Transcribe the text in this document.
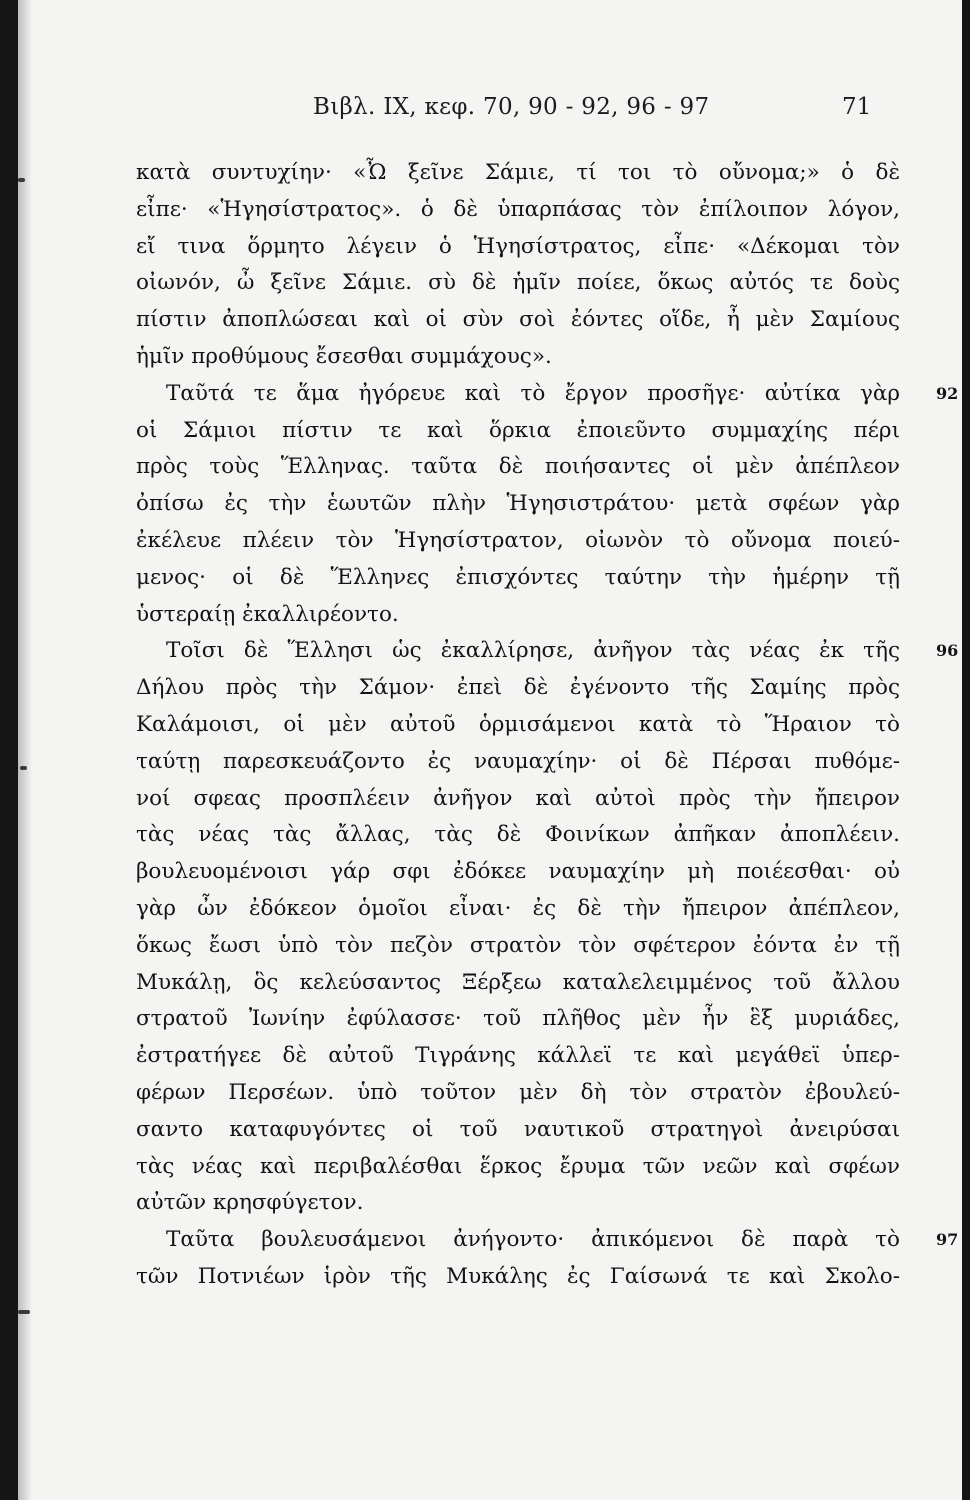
Βιβλ. ΙΧ, κεφ. 70, 90 - 92, 96 - 97	71
κατὰ συντυχίην· «Ὦ ξεῖνε Σάμιε, τί τοι τὸ οὔνομα;» ὁ δὲ
εἶπε· «Ἡγησίστρατος». ὁ δὲ ὑπαρπάσας τὸν ἐπίλοιπον λόγον,
εἴ τινα ὅρμητο λέγειν ὁ Ἡγησίστρατος, εἶπε· «Δέκομαι τὸν
οἰωνόν, ὦ ξεῖνε Σάμιε. σὺ δὲ ἡμῖν ποίεε, ὅκως αὐτός τε δοὺς
πίστιν ἀποπλώσεαι καὶ οἱ σὺν σοὶ ἐόντες οἵδε, ἦ μὲν Σαμίους
ἡμῖν προθύμους ἔσεσθαι συμμάχους».
Ταῦτά τε ἅμα ἠγόρευε καὶ τὸ ἔργον προσῆγε· αὐτίκα γὰρ 92
οἱ Σάμιοι πίστιν τε καὶ ὅρκια ἐποιεῦντο συμμαχίης πέρι
πρὸς τοὺς Ἕλληνας. ταῦτα δὲ ποιήσαντες οἱ μὲν ἀπέπλεον
ὀπίσω ἐς τὴν ἑωυτῶν πλὴν Ἡγησιστράτου· μετὰ σφέων γὰρ
ἐκέλευε πλέειν τὸν Ἡγησίστρατον, οἰωνὸν τὸ οὔνομα ποιεύ-
μενος· οἱ δὲ Ἕλληνες ἐπισχόντες ταύτην τὴν ἡμέρην τῇ
ὑστεραίῃ ἐκαλλιρέοντο.
Τοῖσι δὲ Ἕλλησι ὡς ἐκαλλίρησε, ἀνῆγον τὰς νέας ἐκ τῆς 96
Δήλου πρὸς τὴν Σάμον· ἐπεὶ δὲ ἐγένοντο τῆς Σαμίης πρὸς
Καλάμοισι, οἱ μὲν αὐτοῦ ὁρμισάμενοι κατὰ τὸ Ἥραιον τὸ
ταύτῃ παρεσκευάζοντο ἐς ναυμαχίην· οἱ δὲ Πέρσαι πυθόμε-
νοί σφεας προσπλέειν ἀνῆγον καὶ αὐτοὶ πρὸς τὴν ἤπειρον
τὰς νέας τὰς ἄλλας, τὰς δὲ Φοινίκων ἀπῆκαν ἀποπλέειν.
βουλευομένοισι γάρ σφι ἐδόκεε ναυμαχίην μὴ ποιέεσθαι· οὐ
γὰρ ὦν ἐδόκεον ὁμοῖοι εἶναι· ἐς δὲ τὴν ἤπειρον ἀπέπλεον,
ὅκως ἔωσι ὑπὸ τὸν πεζὸν στρατὸν τὸν σφέτερον ἐόντα ἐν τῇ
Μυκάλῃ, ὃς κελεύσαντος Ξέρξεω καταλελειμμένος τοῦ ἄλλου
στρατοῦ Ἰωνίην ἐφύλασσε· τοῦ πλῆθος μὲν ἦν ἓξ μυριάδες,
ἐστρατήγεε δὲ αὐτοῦ Τιγράνης κάλλεϊ τε καὶ μεγάθεϊ ὑπερ-
φέρων Περσέων. ὑπὸ τοῦτον μὲν δὴ τὸν στρατὸν ἐβουλεύ-
σαντο καταφυγόντες οἱ τοῦ ναυτικοῦ στρατηγοὶ ἀνειρύσαι
τὰς νέας καὶ περιβαλέσθαι ἕρκος ἔρυμα τῶν νεῶν καὶ σφέων
αὐτῶν κρησφύγετον.
Ταῦτα βουλευσάμενοι ἀνήγοντο· ἀπικόμενοι δὲ παρὰ τὸ 97
τῶν Ποτνιέων ἱρὸν τῆς Μυκάλης ἐς Γαίσωνά τε καὶ Σκολο-
